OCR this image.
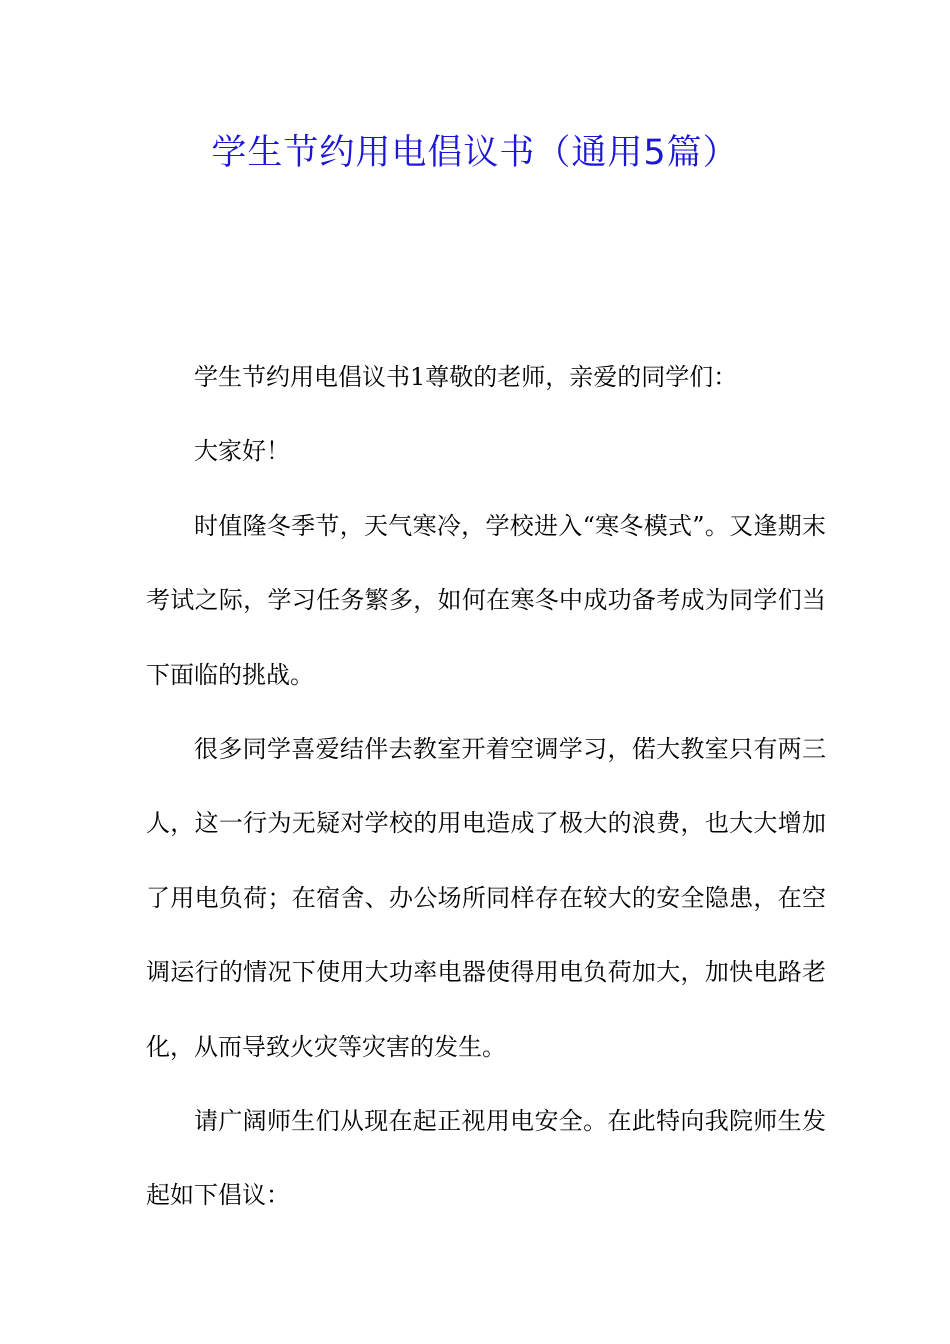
学生节约用电倡议书（通用5篇）

学生节约用电倡议书1尊敬的老师，亲爱的同学们：

大家好！

时值隆冬季节，天气寒冷，学校进入“寒冬模式”。又逢期末考试之际，学习任务繁多，如何在寒冬中成功备考成为同学们当下面临的挑战。

很多同学喜爱结伴去教室开着空调学习，偌大教室只有两三人，这一行为无疑对学校的用电造成了极大的浪费，也大大增加了用电负荷；在宿舍、办公场所同样存在较大的安全隐患，在空调运行的情况下使用大功率电器使得用电负荷加大，加快电路老化，从而导致火灾等灾害的发生。

请广阔师生们从现在起正视用电安全。在此特向我院师生发起如下倡议：
